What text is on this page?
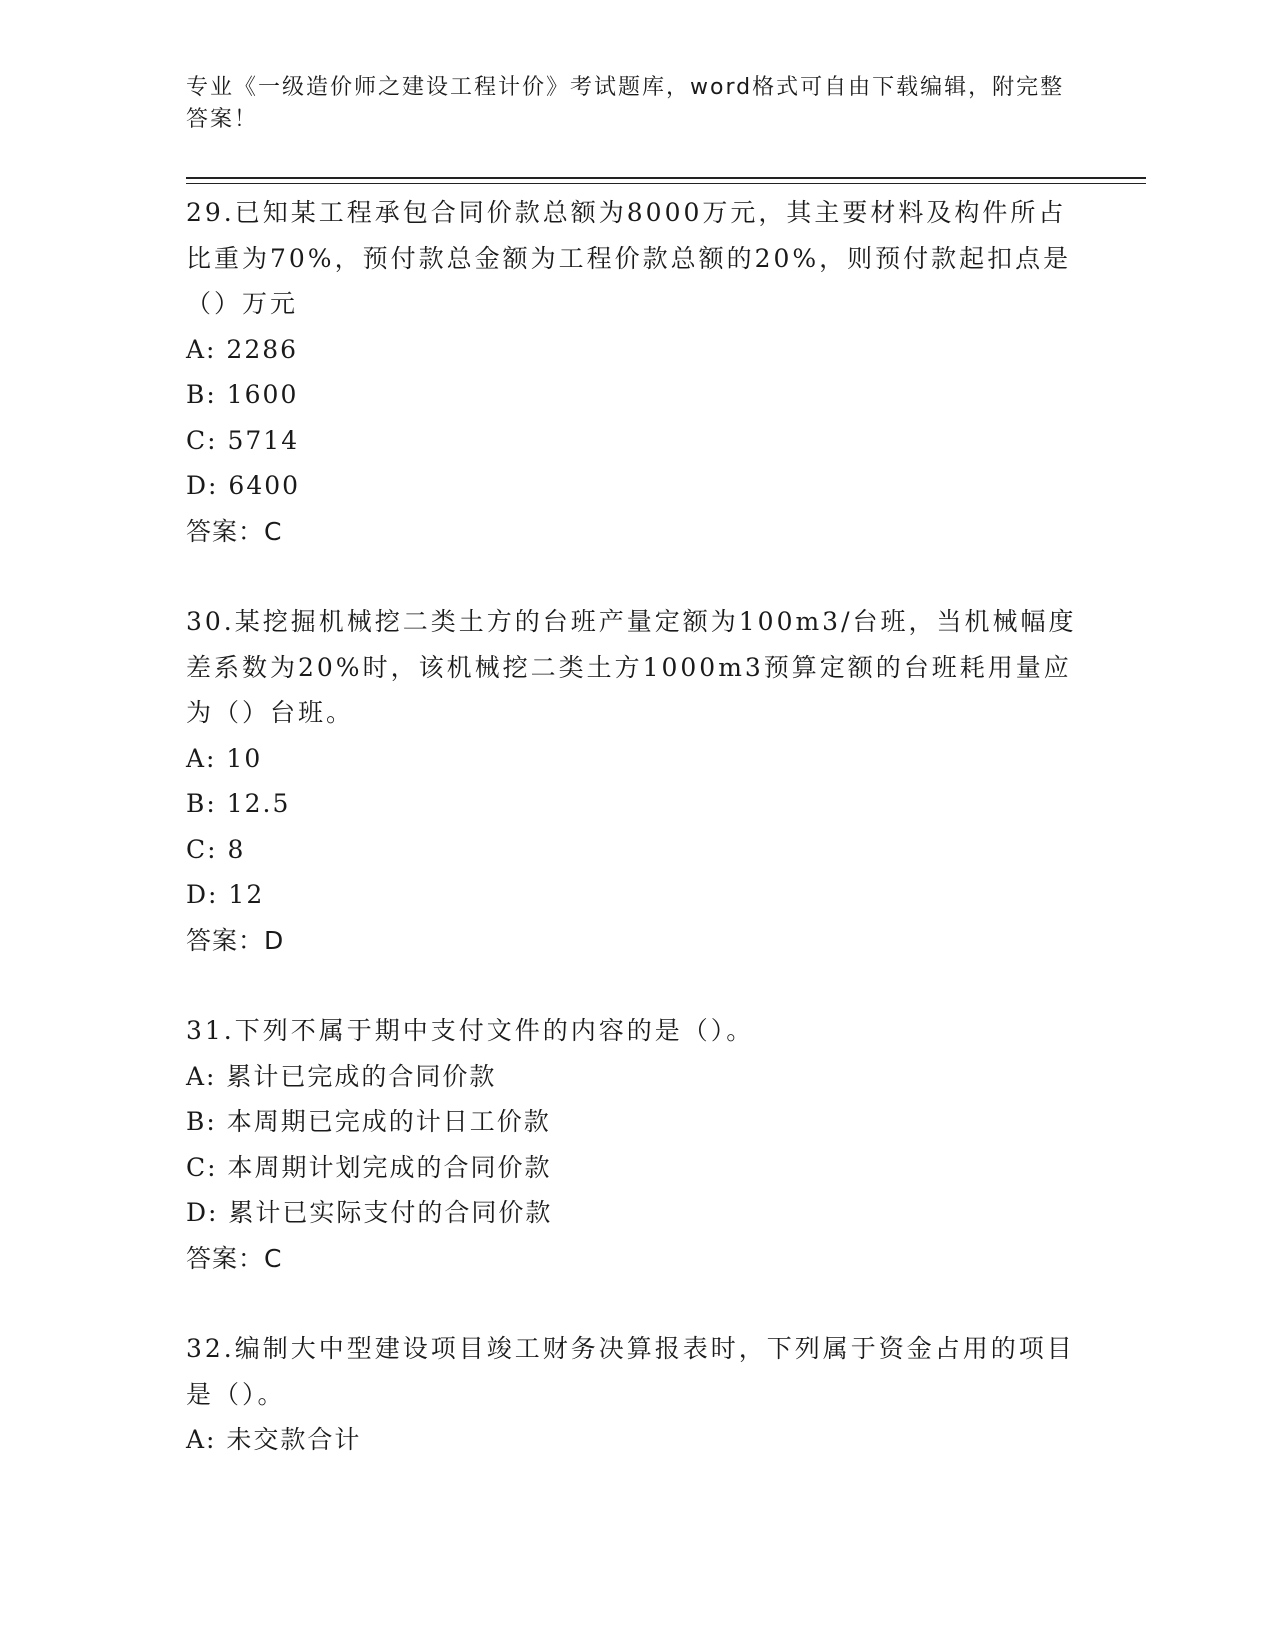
专业《一级造价师之建设工程计价》考试题库，word格式可自由下载编辑，附完整答案！
29.已知某工程承包合同价款总额为8000万元，其主要材料及构件所占比重为70%，预付款总金额为工程价款总额的20%，则预付款起扣点是（）万元
A: 2286
B: 1600
C: 5714
D: 6400
答案：C
30.某挖掘机械挖二类土方的台班产量定额为100m3/台班，当机械幅度差系数为20%时，该机械挖二类土方1000m3预算定额的台班耗用量应为（）台班。
A: 10
B: 12.5
C: 8
D: 12
答案：D
31.下列不属于期中支付文件的内容的是（）。
A: 累计已完成的合同价款
B: 本周期已完成的计日工价款
C: 本周期计划完成的合同价款
D: 累计已实际支付的合同价款
答案：C
32.编制大中型建设项目竣工财务决算报表时，下列属于资金占用的项目是（）。
A: 未交款合计
